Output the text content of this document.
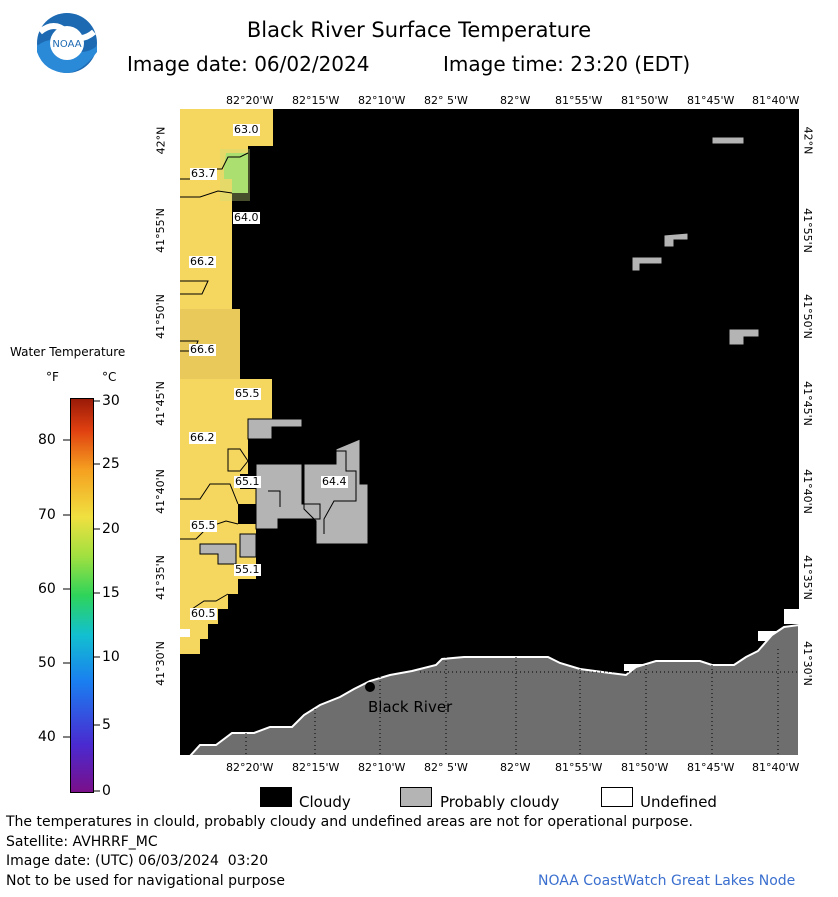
NOAA
Black River Surface Temperature
Image date: 06/02/2024	Image time: 23:20 (EDT)
82°20'W 82°15'W 82°10'W 82° 5'W	82°W 81°55'W 81°50'W 81°45'W 81°40'W
82°20'W 82°15'W 82°10'W 82° 5'W	82°W 81°55'W 81°50'W 81°45'W 81°40'W
42°N
41°55'N
41°50'N
41°45'N
41°40'N
41°35'N
41°30'N
42°N
41°55'N
41°50'N
41°45'N
41°40'N
41°35'N
41°30'N
63.0
63.7
64.0
66.2
66.6
65.5
66.2
65.1	64.4
65.5
55.1
60.5
Black River
Water Temperature
°F	°C
80
70
60
50
40
30
25
20
15
10
5
0
Cloudy	Probably cloudy	Undefined
The temperatures in clould, probably cloudy and undefined areas are not for operational purpose.
Satellite: AVHRRF_MC
Image date: (UTC) 06/03/2024  03:20
Not to be used for navigational purpose	NOAA CoastWatch Great Lakes Node
